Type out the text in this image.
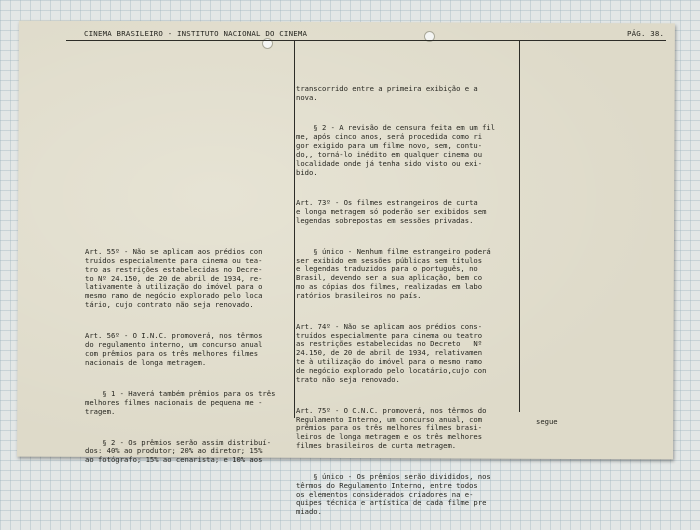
CINEMA BRASILEIRO - INSTITUTO NACIONAL DO CINEMA	PÁG. 38.

Art. 55º - Não se aplicam aos prédios con
truídos especialmente para cinema ou tea-
tro as restrições estabelecidas no Decre-
to Nº 24.150, de 20 de abril de 1934, re-
lativamente à utilização do imóvel para o
mesmo ramo de negócio explorado pelo loca
tário, cujo contrato não seja renovado.

Art. 56º - O I.N.C. promoverá, nos têrmos
do regulamento interno, um concurso anual
com prêmios para os três melhores filmes
nacionais de longa metragem.

§ 1 - Haverá também prêmios para os três
melhores filmes nacionais de pequena me -
tragem.

§ 2 - Os prêmios serão assim distribuí-
dos: 40% ao produtor; 20% ao diretor; 15%
ao fotógrafo; 15% ao cenarista; e 10% aos

transcorrido entre a primeira exibição e a
nova.

§ 2 - A revisão de censura feita em um fil
me, após cinco anos, será procedida como ri
gor exigido para um filme novo, sem, contu-
do,, torná-lo inédito em qualquer cinema ou
localidade onde já tenha sido visto ou exi-
bido.

Art. 73º - Os filmes estrangeiros de curta
e longa metragem só poderão ser exibidos sem
legendas sobrepostas em sessões privadas.

§ único - Nenhum filme estrangeiro poderá
ser exibido em sessões públicas sem títulos
e legendas traduzidos para o português, no
Brasil, devendo ser a sua aplicação, bem co
mo as cópias dos filmes, realizadas em labo
ratórios brasileiros no país.

Art. 74º - Não se aplicam aos prédios cons-
truídos especialmente para cinema ou teatro
as restrições estabelecidas no Decreto   Nº
24.150, de 20 de abril de 1934, relativamen
te à utilização do imóvel para o mesmo ramo
de negócio explorado pelo locatário,cujo con
trato não seja renovado.

Art. 75º - O C.N.C. promoverá, nos têrmos do
Regulamento Interno, um concurso anual, com
prêmios para os três melhores filmes brasi-
leiros de longa metragem e os três melhores
filmes brasileiros de curta metragem.

§ único - Os prêmios serão divididos, nos
têrmos do Regulamento Interno, entre todos
os elementos considerados criadores na e-
quipes técnica e artística de cada filme pre
miado.

segue
